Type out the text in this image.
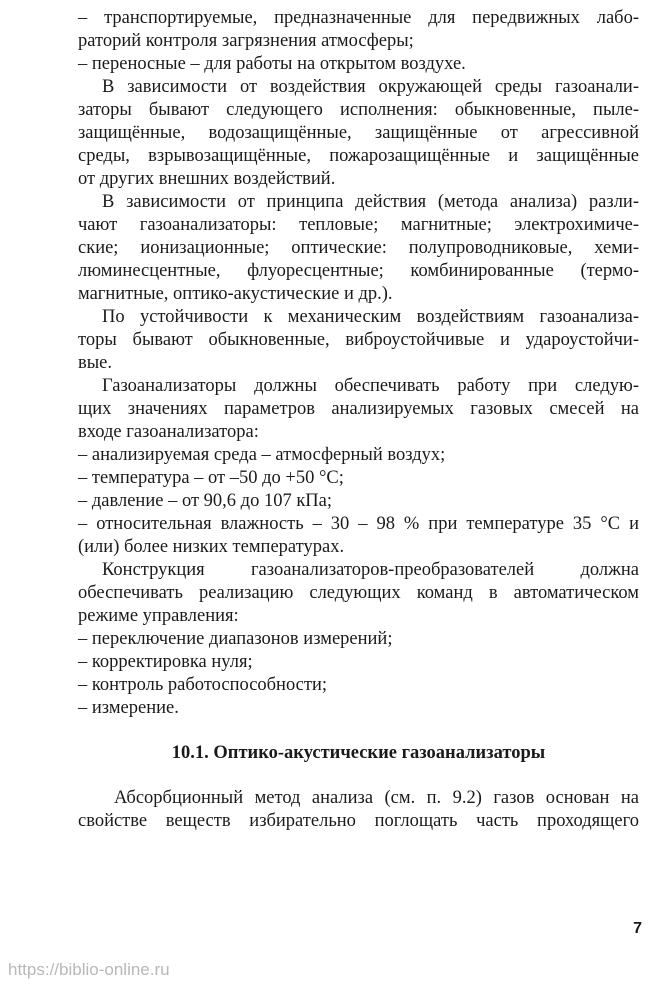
– транспортируемые, предназначенные для передвижных лабо-
раторий контроля загрязнения атмосферы;
– переносные – для работы на открытом воздухе.
В зависимости от воздействия окружающей среды газоанали-
заторы бывают следующего исполнения: обыкновенные, пыле-
защищённые, водозащищённые, защищённые от агрессивной
среды, взрывозащищённые, пожарозащищённые и защищённые
от других внешних воздействий.
В зависимости от принципа действия (метода анализа) разли-
чают газоанализаторы: тепловые; магнитные; электрохимиче-
ские; ионизационные; оптические: полупроводниковые, хеми-
люминесцентные, флуоресцентные; комбинированные (термо-
магнитные, оптико-акустические и др.).
По устойчивости к механическим воздействиям газоанализа-
торы бывают обыкновенные, виброустойчивые и удароустойчи-
вые.
Газоанализаторы должны обеспечивать работу при следую-
щих значениях параметров анализируемых газовых смесей на
входе газоанализатора:
– анализируемая среда – атмосферный воздух;
– температура – от –50 до +50 °С;
– давление – от 90,6 до 107 кПа;
– относительная влажность – 30 – 98 % при температуре 35 °С и
(или) более низких температурах.
Конструкция газоанализаторов-преобразователей должна
обеспечивать реализацию следующих команд в автоматическом
режиме управления:
– переключение диапазонов измерений;
– корректировка нуля;
– контроль работоспособности;
– измерение.
10.1. Оптико-акустические газоанализаторы
Абсорбционный метод анализа (см. п. 9.2) газов основан на
свойстве веществ избирательно поглощать часть проходящего
7
https://biblio-online.ru
